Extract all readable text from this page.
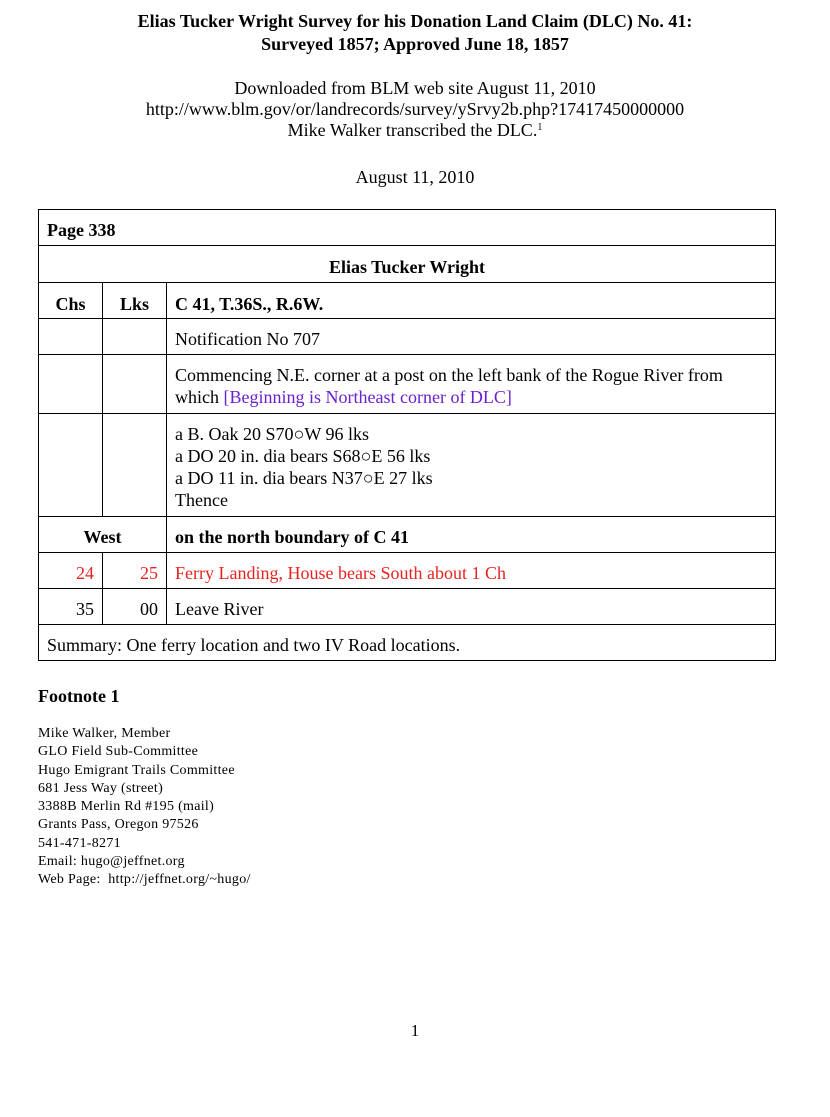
Elias Tucker Wright Survey for his Donation Land Claim (DLC) No. 41:
Surveyed 1857; Approved June 18, 1857
Downloaded from BLM web site August 11, 2010
http://www.blm.gov/or/landrecords/survey/ySrvy2b.php?17417450000000
Mike Walker transcribed the DLC.$^1$
August 11, 2010
Page 338		
Elias Tucker Wright		
Chs	Lks	C 41, T.36S., R.6W.
		Notification No 707
		Commencing N.E. corner at a post on the left bank of the Rogue River from which [Beginning is Northeast corner of DLC]

		a B. Oak 20 S70○W 96 lks
a DO 20 in. dia bears S68○E 56 lks
a DO 11 in. dia bears N37○E 27 lks
Thence

West		on the north boundary of C 41
24	25	Ferry Landing, House bears South about 1 Ch
35	00	Leave River
Summary: One ferry location and two IV Road locations.		
Footnote 1
Mike Walker, Member
GLO Field Sub-Committee
Hugo Emigrant Trails Committee
681 Jess Way (street)
3388B Merlin Rd #195 (mail)
Grants Pass, Oregon 97526
541-471-8271
Email: hugo@jeffnet.org
Web Page:  http://jeffnet.org/~hugo/
1
